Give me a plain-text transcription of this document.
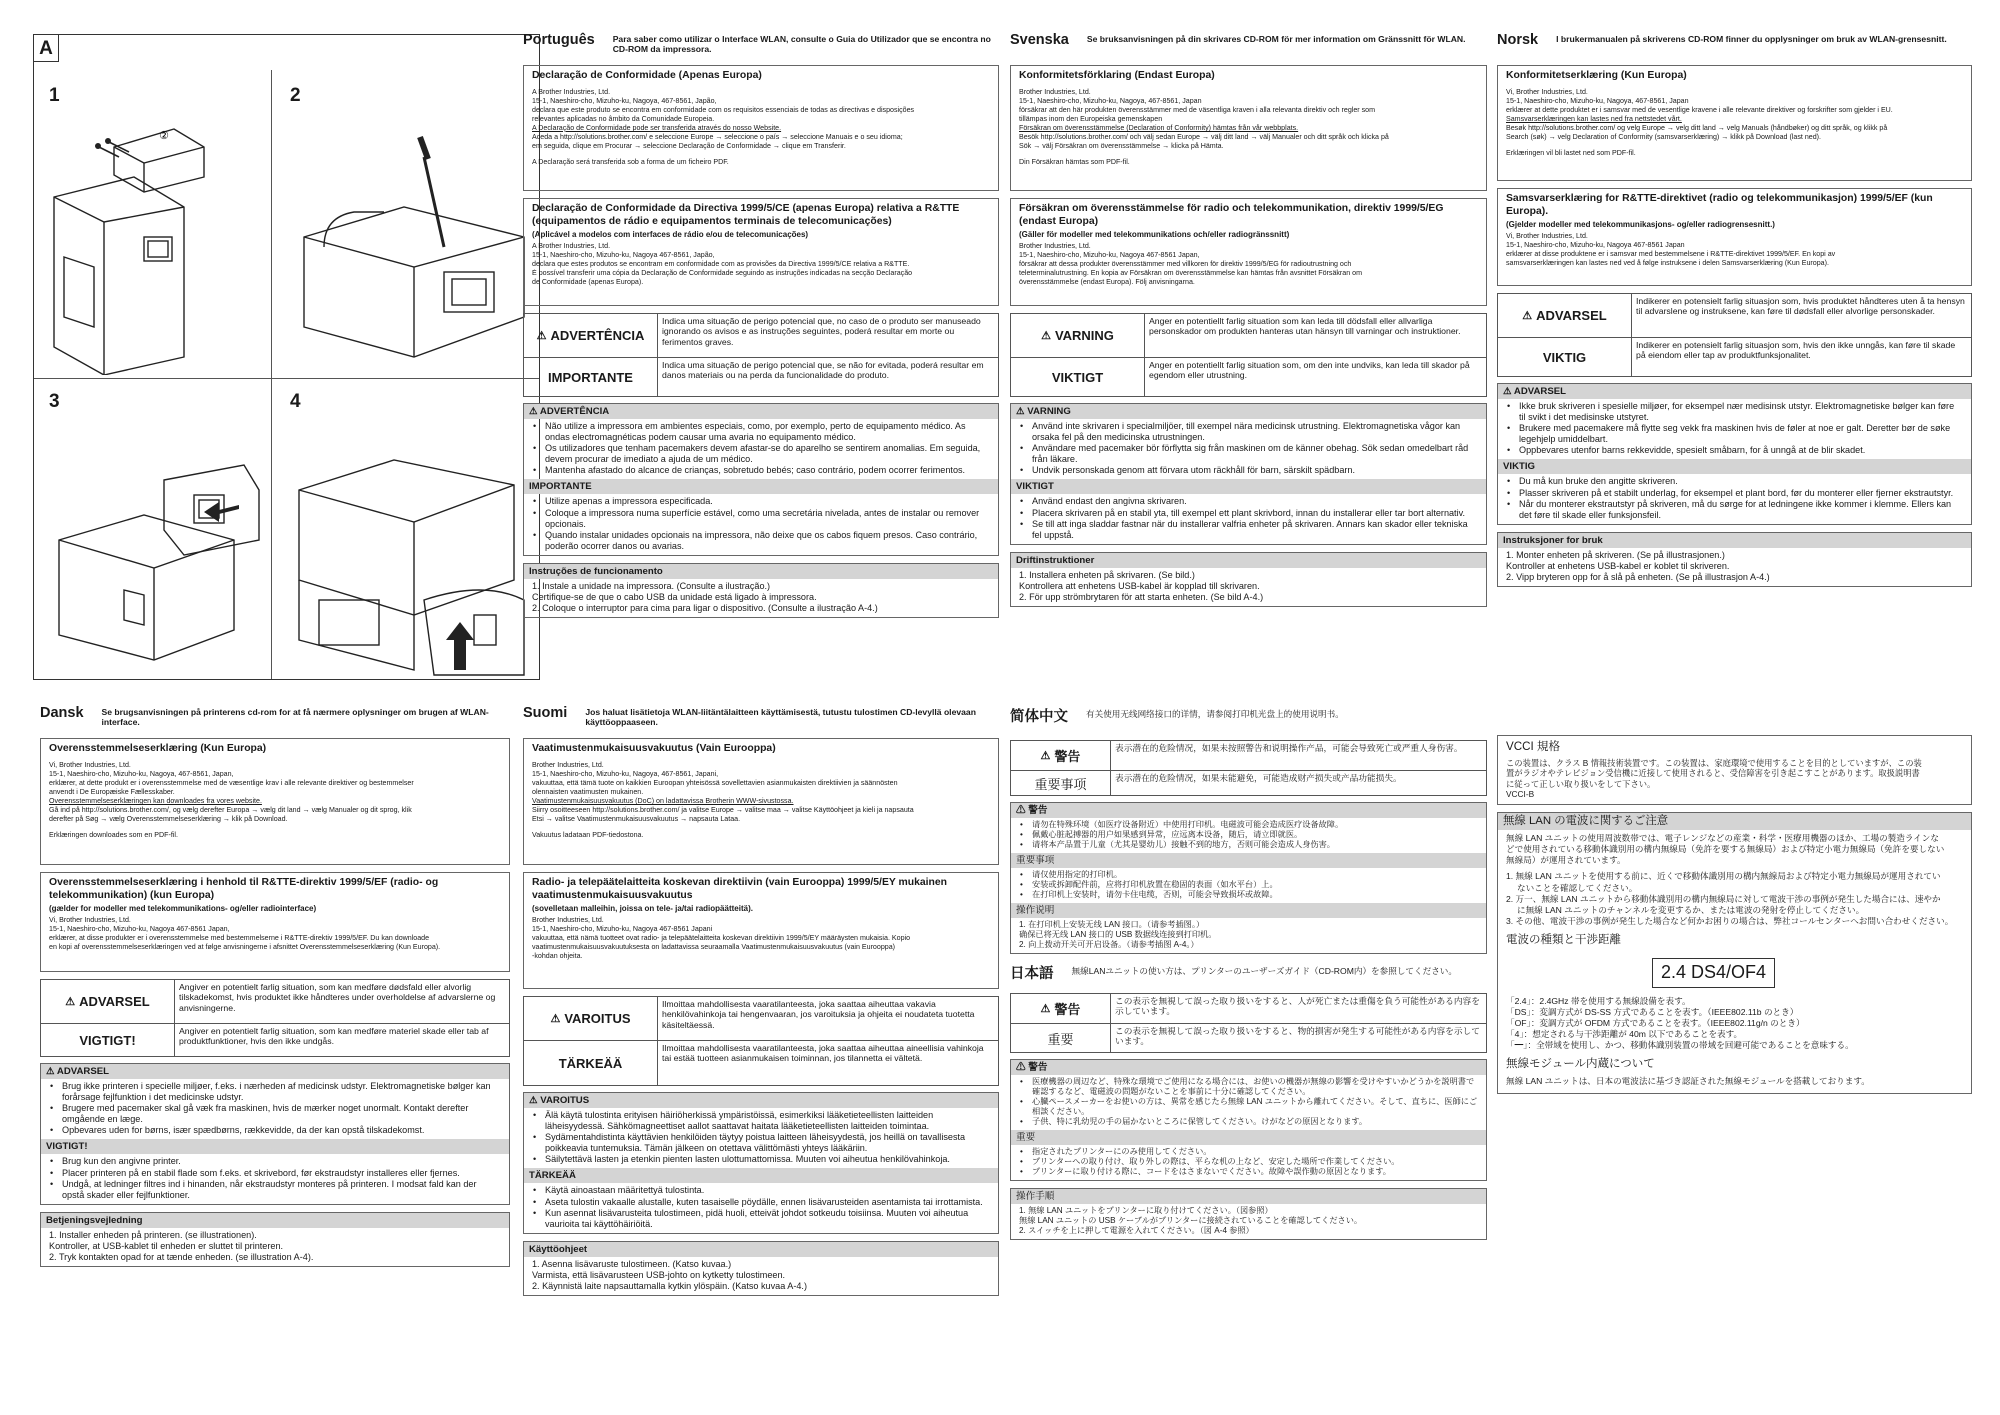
A
1	2
3	4
②
Português Para saber como utilizar o Interface WLAN, consulte o Guia do Utilizador que se encontra no CD-ROM da impressora.
Declaração de Conformidade (Apenas Europa)

A Brother Industries, Ltd.

15-1, Naeshiro-cho, Mizuho-ku, Nagoya, 467-8561, Japão,

declara que este produto se encontra em conformidade com os requisitos essenciais de todas as directivas e disposições

relevantes aplicadas no âmbito da Comunidade Europeia.

A Declaração de Conformidade pode ser transferida através do nosso Website.

Aceda a http://solutions.brother.com/ e seleccione Europe → seleccione o país → seleccione Manuais e o seu idioma;

em seguida, clique em Procurar → seleccione Declaração de Conformidade → clique em Transferir.

A Declaração será transferida sob a forma de um ficheiro PDF.

Declaração de Conformidade da Directiva 1999/5/CE (apenas Europa) relativa a R&TTE (equipamentos de rádio e equipamentos terminais de telecomunicações)
(Aplicável a modelos com interfaces de rádio e/ou de telecomunicações)

A Brother Industries, Ltd.

15-1, Naeshiro-cho, Mizuho-ku, Nagoya 467-8561, Japão,

declara que estes produtos se encontram em conformidade com as provisões da Directiva 1999/5/CE relativa a R&TTE.

É possível transferir uma cópia da Declaração de Conformidade seguindo as instruções indicadas na secção Declaração

de Conformidade (apenas Europa).

⚠ ADVERTÊNCIA
Indica uma situação de perigo potencial que, no caso de o produto ser manuseado ignorando os avisos e as instruções seguintes, poderá resultar em morte ou ferimentos graves.
IMPORTANTE
Indica uma situação de perigo potencial que, se não for evitada, poderá resultar em danos materiais ou na perda da funcionalidade do produto.
⚠ ADVERTÊNCIA
• Não utilize a impressora em ambientes especiais, como, por exemplo, perto de equipamento médico. As ondas electromagnéticas podem causar uma avaria no equipamento médico.
• Os utilizadores que tenham pacemakers devem afastar-se do aparelho se sentirem anomalias. Em seguida, devem procurar de imediato a ajuda de um médico.
• Mantenha afastado do alcance de crianças, sobretudo bebés; caso contrário, podem ocorrer ferimentos.
IMPORTANTE
• Utilize apenas a impressora especificada.
• Coloque a impressora numa superfície estável, como uma secretária nivelada, antes de instalar ou remover opcionais.
• Quando instalar unidades opcionais na impressora, não deixe que os cabos fiquem presos. Caso contrário, poderão ocorrer danos ou avarias.
Instruções de funcionamento
1. Instale a unidade na impressora. (Consulte a ilustração.)
Certifique-se de que o cabo USB da unidade está ligado à impressora.
2. Coloque o interruptor para cima para ligar o dispositivo. (Consulte a ilustração A-4.)
Svenska Se bruksanvisningen på din skrivares CD-ROM för mer information om Gränssnitt för WLAN.
Konformitetsförklaring (Endast Europa)

Brother Industries, Ltd.

15-1, Naeshiro-cho, Mizuho-ku, Nagoya, 467-8561, Japan

försäkrar att den här produkten överensstämmer med de väsentliga kraven i alla relevanta direktiv och regler som

tillämpas inom den Europeiska gemenskapen

Försäkran om överensstämmelse (Declaration of Conformity) hämtas från vår webbplats.

Besök http://solutions.brother.com/ och välj sedan Europe → välj ditt land → välj Manualer och ditt språk och klicka på

Sök → välj Försäkran om överensstämmelse → klicka på Hämta.

Din Försäkran hämtas som PDF-fil.

Försäkran om överensstämmelse för radio och telekommunikation, direktiv 1999/5/EG (endast Europa)
(Gäller för modeller med telekommunikations och/eller radiogränssnitt)

Brother Industries, Ltd.

15-1, Naeshiro-cho, Mizuho-ku, Nagoya 467-8561 Japan,

försäkrar att dessa produkter överensstämmer med villkoren för direktiv 1999/5/EG för radioutrustning och

teleterminalutrustning. En kopia av Försäkran om överensstämmelse kan hämtas från avsnittet Försäkran om

överensstämmelse (endast Europa). Följ anvisningarna.

⚠ VARNING
Anger en potentiellt farlig situation som kan leda till dödsfall eller allvarliga personskador om produkten hanteras utan hänsyn till varningar och instruktioner.
VIKTIGT
Anger en potentiellt farlig situation som, om den inte undviks, kan leda till skador på egendom eller utrustning.
⚠ VARNING
• Använd inte skrivaren i specialmiljöer, till exempel nära medicinsk utrustning. Elektromagnetiska vågor kan orsaka fel på den medicinska utrustningen.
• Användare med pacemaker bör förflytta sig från maskinen om de känner obehag. Sök sedan omedelbart råd från läkare.
• Undvik personskada genom att förvara utom räckhåll för barn, särskilt spädbarn.
VIKTIGT
• Använd endast den angivna skrivaren.
• Placera skrivaren på en stabil yta, till exempel ett plant skrivbord, innan du installerar eller tar bort alternativ.
• Se till att inga sladdar fastnar när du installerar valfria enheter på skrivaren. Annars kan skador eller tekniska fel uppstå.
Driftinstruktioner
1. Installera enheten på skrivaren. (Se bild.)
Kontrollera att enhetens USB-kabel är kopplad till skrivaren.
2. För upp strömbrytaren för att starta enheten. (Se bild A-4.)
Norsk I brukermanualen på skriverens CD-ROM finner du opplysninger om bruk av WLAN-grensesnitt.
Konformitetserklæring (Kun Europa)

Vi, Brother Industries, Ltd.

15-1, Naeshiro-cho, Mizuho-ku, Nagoya, 467-8561, Japan

erklærer at dette produktet er i samsvar med de vesentlige kravene i alle relevante direktiver og forskrifter som gjelder i EU.

Samsvarserklæringen kan lastes ned fra nettstedet vårt.

Besøk http://solutions.brother.com/ og velg Europe → velg ditt land → velg Manuals (håndbøker) og ditt språk, og klikk på

Search (søk) → velg Declaration of Conformity (samsvarserklæring) → klikk på Download (last ned).

Erklæringen vil bli lastet ned som PDF-fil.

Samsvarserklæring for R&TTE-direktivet (radio og telekommunikasjon) 1999/5/EF (kun Europa).
(Gjelder modeller med telekommunikasjons- og/eller radiogrensesnitt.)

Vi, Brother Industries, Ltd.

15-1, Naeshiro-cho, Mizuho-ku, Nagoya 467-8561 Japan

erklærer at disse produktene er i samsvar med bestemmelsene i R&TTE-direktivet 1999/5/EF. En kopi av

samsvarserklæringen kan lastes ned ved å følge instruksene i delen Samsvarserklæring (Kun Europa).

⚠ ADVARSEL
Indikerer en potensielt farlig situasjon som, hvis produktet håndteres uten å ta hensyn til advarslene og instruksene, kan føre til dødsfall eller alvorlige personskader.
VIKTIG
Indikerer en potensielt farlig situasjon som, hvis den ikke unngås, kan føre til skade på eiendom eller tap av produktfunksjonalitet.
⚠ ADVARSEL
• Ikke bruk skriveren i spesielle miljøer, for eksempel nær medisinsk utstyr. Elektromagnetiske bølger kan føre til svikt i det medisinske utstyret.
• Brukere med pacemakere må flytte seg vekk fra maskinen hvis de føler at noe er galt. Deretter bør de søke legehjelp umiddelbart.
• Oppbevares utenfor barns rekkevidde, spesielt småbarn, for å unngå at de blir skadet.
VIKTIG
• Du må kun bruke den angitte skriveren.
• Plasser skriveren på et stabilt underlag, for eksempel et plant bord, før du monterer eller fjerner ekstrautstyr.
• Når du monterer ekstrautstyr på skriveren, må du sørge for at ledningene ikke kommer i klemme. Ellers kan det føre til skade eller funksjonsfeil.
Instruksjoner for bruk
1. Monter enheten på skriveren. (Se på illustrasjonen.)
Kontroller at enhetens USB-kabel er koblet til skriveren.
2. Vipp bryteren opp for å slå på enheten. (Se på illustrasjon A-4.)
Dansk Se brugsanvisningen på printerens cd-rom for at få nærmere oplysninger om brugen af WLAN-interface.
Overensstemmelseserklæring (Kun Europa)

Vi, Brother Industries, Ltd.

15-1, Naeshiro-cho, Mizuho-ku, Nagoya, 467-8561, Japan,

erklærer, at dette produkt er i overensstemmelse med de væsentlige krav i alle relevante direktiver og bestemmelser

anvendt i De Europæiske Fællesskaber.

Overensstemmelseserklæringen kan downloades fra vores website.

Gå ind på http://solutions.brother.com/, og vælg derefter Europa → vælg dit land → vælg Manualer og dit sprog, klik

derefter på Søg → vælg Overensstemmelseserklæring → klik på Download.

Erklæringen downloades som en PDF-fil.

Overensstemmelseserklæring i henhold til R&TTE-direktiv 1999/5/EF (radio- og telekommunikation) (kun Europa)
(gælder for modeller med telekommunikations- og/eller radiointerface)

Vi, Brother Industries, Ltd.

15-1, Naeshiro-cho, Mizuho-ku, Nagoya 467-8561 Japan,

erklærer, at disse produkter er i overensstemmelse med bestemmelserne i R&TTE-direktiv 1999/5/EF. Du kan downloade

en kopi af overensstemmelseserklæringen ved at følge anvisningerne i afsnittet Overensstemmelseserklæring (Kun Europa).

⚠ ADVARSEL
Angiver en potentielt farlig situation, som kan medføre dødsfald eller alvorlig tilskadekomst, hvis produktet ikke håndteres under overholdelse af advarslerne og anvisningerne.
VIGTIGT!
Angiver en potentielt farlig situation, som kan medføre materiel skade eller tab af produktfunktioner, hvis den ikke undgås.
⚠ ADVARSEL
• Brug ikke printeren i specielle miljøer, f.eks. i nærheden af medicinsk udstyr. Elektromagnetiske bølger kan forårsage fejlfunktion i det medicinske udstyr.
• Brugere med pacemaker skal gå væk fra maskinen, hvis de mærker noget unormalt. Kontakt derefter omgående en læge.
• Opbevares uden for børns, især spædbørns, rækkevidde, da der kan opstå tilskadekomst.
VIGTIGT!
• Brug kun den angivne printer.
• Placer printeren på en stabil flade som f.eks. et skrivebord, før ekstraudstyr installeres eller fjernes.
• Undgå, at ledninger filtres ind i hinanden, når ekstraudstyr monteres på printeren. I modsat fald kan der opstå skader eller fejlfunktioner.
Betjeningsvejledning
1. Installer enheden på printeren. (se illustrationen).
Kontroller, at USB-kablet til enheden er sluttet til printeren.
2. Tryk kontakten opad for at tænde enheden. (se illustration A-4).
Suomi Jos haluat lisätietoja WLAN-liitäntälaitteen käyttämisestä, tutustu tulostimen CD-levyllä olevaan käyttöoppaaseen.
Vaatimustenmukaisuusvakuutus (Vain Eurooppa)

Brother Industries, Ltd.

15-1, Naeshiro-cho, Mizuho-ku, Nagoya, 467-8561, Japani,

vakuuttaa, että tämä tuote on kaikkien Euroopan yhteisössä sovellettavien asianmukaisten direktiivien ja säännösten

olennaisten vaatimusten mukainen.

Vaatimustenmukaisuusvakuutus (DoC) on ladattavissa Brotherin WWW-sivustossa.

Siirry osoitteeseen http://solutions.brother.com/ ja valitse Europe → valitse maa → valitse Käyttöohjeet ja kieli ja napsauta

Etsi → valitse Vaatimustenmukaisuusvakuutus → napsauta Lataa.

Vakuutus ladataan PDF-tiedostona.

Radio- ja telepäätelaitteita koskevan direktiivin (vain Eurooppa) 1999/5/EY mukainen vaatimustenmukaisuusvakuutus
(sovelletaan malleihin, joissa on tele- ja/tai radiopäätteitä).

Brother Industries, Ltd.

15-1, Naeshiro-cho, Mizuho-ku, Nagoya 467-8561 Japani

vakuuttaa, että nämä tuotteet ovat radio- ja telepäätelaitteita koskevan direktiivin 1999/5/EY määräysten mukaisia. Kopio

vaatimustenmukaisuusvakuutuksesta on ladattavissa seuraamalla Vaatimustenmukaisuusvakuutus (vain Eurooppa)

-kohdan ohjeita.

⚠ VAROITUS
Ilmoittaa mahdollisesta vaaratilanteesta, joka saattaa aiheuttaa vakavia henkilövahinkoja tai hengenvaaran, jos varoituksia ja ohjeita ei noudateta tuotetta käsiteltäessä.
TÄRKEÄÄ
Ilmoittaa mahdollisesta vaaratilanteesta, joka saattaa aiheuttaa aineellisia vahinkoja tai estää tuotteen asianmukaisen toiminnan, jos tilannetta ei vältetä.
⚠ VAROITUS
• Älä käytä tulostinta erityisen häiriöherkissä ympäristöissä, esimerkiksi lääketieteellisten laitteiden läheisyydessä. Sähkömagneettiset aallot saattavat haitata lääketieteellisten laitteiden toimintaa.
• Sydämentahdistinta käyttävien henkilöiden täytyy poistua laitteen läheisyydestä, jos heillä on tavallisesta poikkeavia tuntemuksia. Tämän jälkeen on otettava välittömästi yhteys lääkäriin.
• Säilytettävä lasten ja etenkin pienten lasten ulottumattomissa. Muuten voi aiheutua henkilövahinkoja.
TÄRKEÄÄ
• Käytä ainoastaan määritettyä tulostinta.
• Aseta tulostin vakaalle alustalle, kuten tasaiselle pöydälle, ennen lisävarusteiden asentamista tai irrottamista.
• Kun asennat lisävarusteita tulostimeen, pidä huoli, etteivät johdot sotkeudu toisiinsa. Muuten voi aiheutua vaurioita tai käyttöhäiriöitä.
Käyttöohjeet
1. Asenna lisävaruste tulostimeen. (Katso kuvaa.)
Varmista, että lisävarusteen USB-johto on kytketty tulostimeen.
2. Käynnistä laite napsauttamalla kytkin ylöspäin. (Katso kuvaa A-4.)
简体中文 有关使用无线网络接口的详情，请参阅打印机光盘上的使用说明书。
⚠ 警告
表示潜在的危险情况，如果未按照警告和说明操作产品，可能会导致死亡或严重人身伤害。
重要事项	表示潜在的危险情况，如果未能避免，可能造成财产损失或产品功能损失。
⚠ 警告
• 请勿在特殊环境（如医疗设备附近）中使用打印机。电磁波可能会造成医疗设备故障。
• 佩戴心脏起搏器的用户如果感到异常，应远离本设备，随后，请立即就医。
• 请将本产品置于儿童（尤其是婴幼儿）接触不到的地方，否则可能会造成人身伤害。
重要事项
• 请仅使用指定的打印机。
• 安装或拆卸配件前，应将打印机放置在稳固的表面（如水平台）上。
• 在打印机上安装时，请勿卡住电缆，否则，可能会导致损坏或故障。
操作说明
1. 在打印机上安装无线 LAN 接口。（请参考插图。）
确保已将无线 LAN 接口的 USB 数据线连接到打印机。
2. 向上拨动开关可开启设备。（请参考插图 A-4。）
日本語 無線LANユニットの使い方は、プリンターのユーザーズガイド（CD-ROM内）を参照してください。
⚠ 警告
この表示を無視して誤った取り扱いをすると、人が死亡または重傷を負う可能性がある内容を示しています。
重要
この表示を無視して誤った取り扱いをすると、物的損害が発生する可能性がある内容を示しています。
⚠ 警告
• 医療機器の周辺など、特殊な環境でご使用になる場合には、お使いの機器が無線の影響を受けやすいかどうかを説明書で確認するなど、電磁波の問題がないことを事前に十分に確認してください。
• 心臓ペースメーカーをお使いの方は、異常を感じたら無線 LAN ユニットから離れてください。そして、直ちに、医師にご相談ください。
• 子供、特に乳幼児の手の届かないところに保管してください。けがなどの原因となります。
重要
• 指定されたプリンターにのみ使用してください。
• プリンターへの取り付け、取り外しの際は、平らな机の上など、安定した場所で作業してください。
• プリンターに取り付ける際に、コードをはさまないでください。故障や誤作動の原因となります。
操作手順
1. 無線 LAN ユニットをプリンターに取り付けてください。（図参照）
無線 LAN ユニットの USB ケーブルがプリンターに接続されていることを確認してください。
2. スイッチを上に押して電源を入れてください。（図 A-4 参照）
VCCI 規格
この装置は、クラス B 情報技術装置です。この装置は、家庭環境で使用することを目的としていますが、この装
置がラジオやテレビジョン受信機に近接して使用されると、受信障害を引き起こすことがあります。取扱説明書
に従って正しい取り扱いをして下さい。
VCCI-B
無線 LAN の電波に関するご注意
無線 LAN ユニットの使用周波数帯では、電子レンジなどの産業・科学・医療用機器のほか、工場の製造ラインな
どで使用されている移動体識別用の構内無線局（免許を要する無線局）および特定小電力無線局（免許を要しない
無線局）が運用されています。
1. 無線 LAN ユニットを使用する前に、近くで移動体識別用の構内無線局および特定小電力無線局が運用されてい
　 ないことを確認してください。
2. 万一、無線 LAN ユニットから移動体識別用の構内無線局に対して電波干渉の事例が発生した場合には、速やか
　 に無線 LAN ユニットのチャンネルを変更するか、または電波の発射を停止してください。
3. その他、電波干渉の事例が発生した場合など何かお困りの場合は、弊社コールセンターへお問い合わせください。
電波の種類と干渉距離
2.4 DS4/OF4
「2.4」：2.4GHz 帯を使用する無線設備を表す。
「DS」：変調方式が DS-SS 方式であることを表す。（IEEE802.11b のとき）
「OF」：変調方式が OFDM 方式であることを表す。（IEEE802.11g/n のとき）
「4」：想定される与干渉距離が 40m 以下であることを表す。
「━」：全帯域を使用し、かつ、移動体識別装置の帯域を回避可能であることを意味する。
無線モジュール内蔵について
無線 LAN ユニットは、日本の電波法に基づき認証された無線モジュールを搭載しております。
